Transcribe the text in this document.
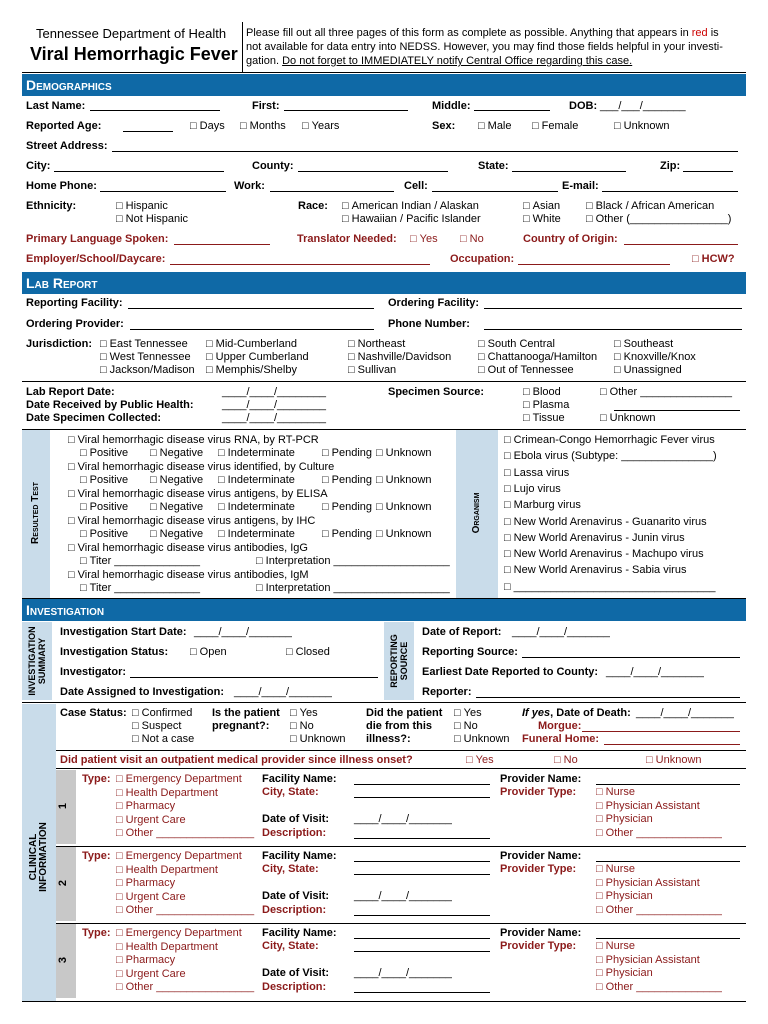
Tennessee Department of Health
Viral Hemorrhagic Fever
Please fill out all three pages of this form as complete as possible. Anything that appears in red is
not available for data entry into NEDSS. However, you may find those fields helpful in your investi-
gation. Do not forget to IMMEDIATELY notify Central Office regarding this case.
Demographics
Last Name:	First:	Middle:	DOB: ___/___/_______
Reported Age:	□ Days	□ Months	□ Years	Sex:	□ Male	□ Female	□ Unknown
Street Address:
City:	County:	State:	Zip:
Home Phone:	Work:	Cell:	E-mail:
Ethnicity:	□ Hispanic
□ Not Hispanic
Race:	□ American Indian / Alaskan
□ Hawaiian / Pacific Islander
□ Asian
□ White
□ Black / African American
□ Other (________________)
Primary Language Spoken:	Translator Needed:	□ Yes	□ No	Country of Origin:
Employer/School/Daycare:	Occupation:	□ HCW?
Lab Report
Reporting Facility:	Ordering Facility:
Ordering Provider:	Phone Number:
Jurisdiction:	□ East Tennessee
□ West Tennessee
□ Jackson/Madison
□ Mid-Cumberland
□ Upper Cumberland
□ Memphis/Shelby
□ Northeast
□ Nashville/Davidson
□ Sullivan
□ South Central
□ Chattanooga/Hamilton
□ Out of Tennessee
□ Southeast
□ Knoxville/Knox
□ Unassigned
Lab Report Date:	____/____/________
Date Received by Public Health:	____/____/________
Date Specimen Collected:	____/____/________
Specimen Source:	□ Blood
□ Plasma
□ Tissue
□ Other _______________
□ Unknown
Resulted Test	Organism
□ Viral hemorrhagic disease virus RNA, by RT-PCR
□ Positive	□ Negative	□ Indeterminate	□ Pending	□ Unknown
□ Viral hemorrhagic disease virus identified, by Culture
□ Positive	□ Negative	□ Indeterminate	□ Pending	□ Unknown
□ Viral hemorrhagic disease virus antigens, by ELISA
□ Positive	□ Negative	□ Indeterminate	□ Pending	□ Unknown
□ Viral hemorrhagic disease virus antigens, by IHC
□ Positive	□ Negative	□ Indeterminate	□ Pending	□ Unknown
□ Viral hemorrhagic disease virus antibodies, IgG
□ Titer ______________	□ Interpretation ___________________
□ Viral hemorrhagic disease virus antibodies, IgM
□ Titer ______________	□ Interpretation ___________________
□ Crimean-Congo Hemorrhagic Fever virus
□ Ebola virus (Subtype: _______________)
□ Lassa virus
□ Lujo virus
□ Marburg virus
□ New World Arenavirus - Guanarito virus
□ New World Arenavirus - Junin virus
□ New World Arenavirus - Machupo virus
□ New World Arenavirus - Sabia virus
□ _________________________________
Investigation
INVESTIGATION
SUMMARY
Investigation Start Date: ____/____/_______
Investigation Status:	□ Open	□ Closed
Investigator:
Date Assigned to Investigation: ____/____/_______
REPORTING
SOURCE
Date of Report: ____/____/_______
Reporting Source:
Earliest Date Reported to County: ____/____/_______
Reporter:
CLINICAL
INFORMATION
Case Status:	□ Confirmed
□ Suspect
□ Not a case
Is the patient
pregnant?:
□ Yes
□ No
□ Unknown
Did the patient
die from this
illness?:
□ Yes
□ No
□ Unknown
If yes, Date of Death: ____/____/_______
Morgue:
Funeral Home:
Did patient visit an outpatient medical provider since illness onset?	□ Yes	□ No	□ Unknown
1
Type:	□ Emergency Department
□ Health Department
□ Pharmacy
□ Urgent Care
□ Other ________________
Facility Name:
City, State:
Date of Visit: ____/____/_______
Description:
Provider Name:
Provider Type:	□ Nurse
□ Physician Assistant
□ Physician
□ Other ______________
2
Type:	□ Emergency Department
□ Health Department
□ Pharmacy
□ Urgent Care
□ Other ________________
Facility Name:
City, State:
Date of Visit: ____/____/_______
Description:
Provider Name:
Provider Type:	□ Nurse
□ Physician Assistant
□ Physician
□ Other ______________
3
Type:	□ Emergency Department
□ Health Department
□ Pharmacy
□ Urgent Care
□ Other ________________
Facility Name:
City, State:
Date of Visit: ____/____/_______
Description:
Provider Name:
Provider Type:	□ Nurse
□ Physician Assistant
□ Physician
□ Other ______________
